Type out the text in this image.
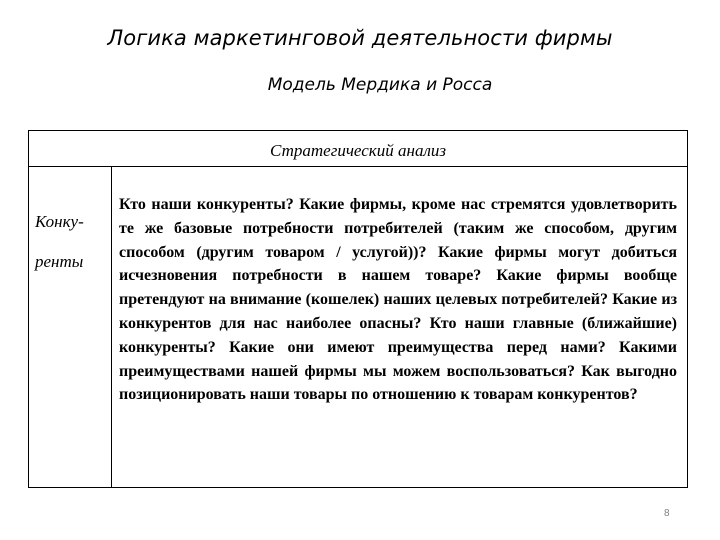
Логика маркетинговой деятельности фирмы
Модель Мердика и Росса
Стратегический анализ
Конку-
ренты
Кто наши конкуренты? Какие фирмы, кроме нас стремятся удовлетворить те же базовые потребности потребителей (таким же способом, другим способом (другим товаром / услугой))? Какие фирмы могут добиться исчезновения потребности в нашем товаре? Какие фирмы вообще претендуют на внимание (кошелек) наших целевых потребителей? Какие из конкурентов для нас наиболее опасны? Кто наши главные (ближайшие) конкуренты? Какие они имеют преимущества перед нами? Какими преимуществами нашей фирмы мы можем воспользоваться? Как выгодно позиционировать наши товары по отношению к товарам конкурентов?
8
